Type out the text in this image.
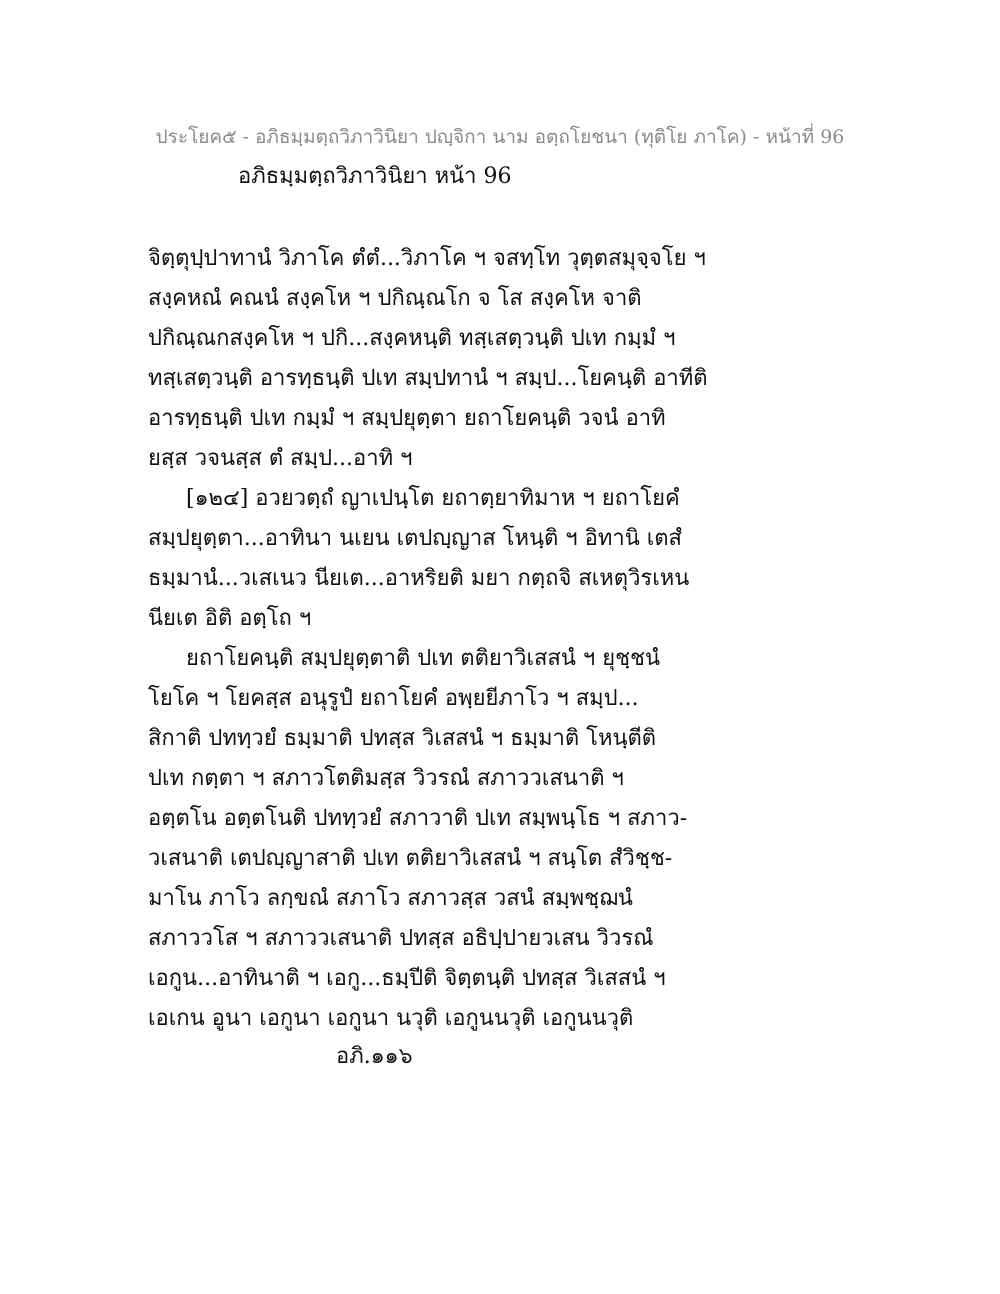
ประโยค๕ - อภิธมฺมตฺถวิภาวินิยา ปญฺจิกา นาม อตฺถโยชนา (ทุติโย ภาโค) - หน้าที่ 96
อภิธมฺมตฺถวิภาวินิยา หน้า 96
จิตฺตุปฺปาทานํ วิภาโค ตํตํ...วิภาโค ฯ จสทฺโท วุตฺตสมุจฺจโย ฯ
สงฺคหณํ คณนํ สงฺคโห ฯ ปกิณฺณโก จ โส สงฺคโห จาติ
ปกิณฺณกสงฺคโห ฯ ปกิ...สงฺคหนฺติ ทสฺเสตฺวนฺติ ปเท กมฺมํ ฯ
ทสฺเสตฺวนฺติ อารทฺธนฺติ ปเท สมฺปทานํ ฯ สมฺป...โยคนฺติ อาทีติ
อารทฺธนฺติ ปเท กมฺมํ ฯ สมฺปยุตฺตา ยถาโยคนฺติ วจนํ อาทิ
ยสฺส วจนสฺส ตํ สมฺป...อาทิ ฯ
[๑๒๔] อวยวตฺถํ ญาเปนฺโต ยถาตฺยาทิมาห ฯ ยถาโยคํ
สมฺปยุตฺตา...อาทินา นเยน เตปญฺญาส โหนฺติ ฯ อิทานิ เตสํ
ธมฺมานํ...วเสเนว นียเต...อาหริยติ มยา กตฺถจิ สเหตุวิรเหน
นียเต อิติ อตฺโถ ฯ
ยถาโยคนฺติ สมฺปยุตฺตาติ ปเท ตติยาวิเสสนํ ฯ ยุชฺชนํ
โยโค ฯ โยคสฺส อนุรูปํ ยถาโยคํ อพฺยยีภาโว ฯ สมฺป...
สิกาติ ปททฺวยํ ธมฺมาติ ปทสฺส วิเสสนํ ฯ ธมฺมาติ โหนฺตีติ
ปเท กตฺตา ฯ สภาวโตติมสฺส วิวรณํ สภาววเสนาติ ฯ
อตฺตโน อตฺตโนติ ปททฺวยํ สภาวาติ ปเท สมฺพนฺโธ ฯ สภาว-
วเสนาติ เตปญฺญาสาติ ปเท ตติยาวิเสสนํ ฯ สนฺโต สํวิชฺช-
มาโน ภาโว ลกฺขณํ สภาโว สภาวสฺส วสนํ สมฺพชฺฌนํ
สภาววโส ฯ สภาววเสนาติ ปทสฺส อธิปฺปายวเสน วิวรณํ
เอกูน...อาทินาติ ฯ เอกู...ธมฺปีติ จิตฺตนฺติ ปทสฺส วิเสสนํ ฯ
เอเกน อูนา เอกูนา เอกูนา นวุติ เอกูนนวุติ เอกูนนวุติ
อภิ.๑๑๖
